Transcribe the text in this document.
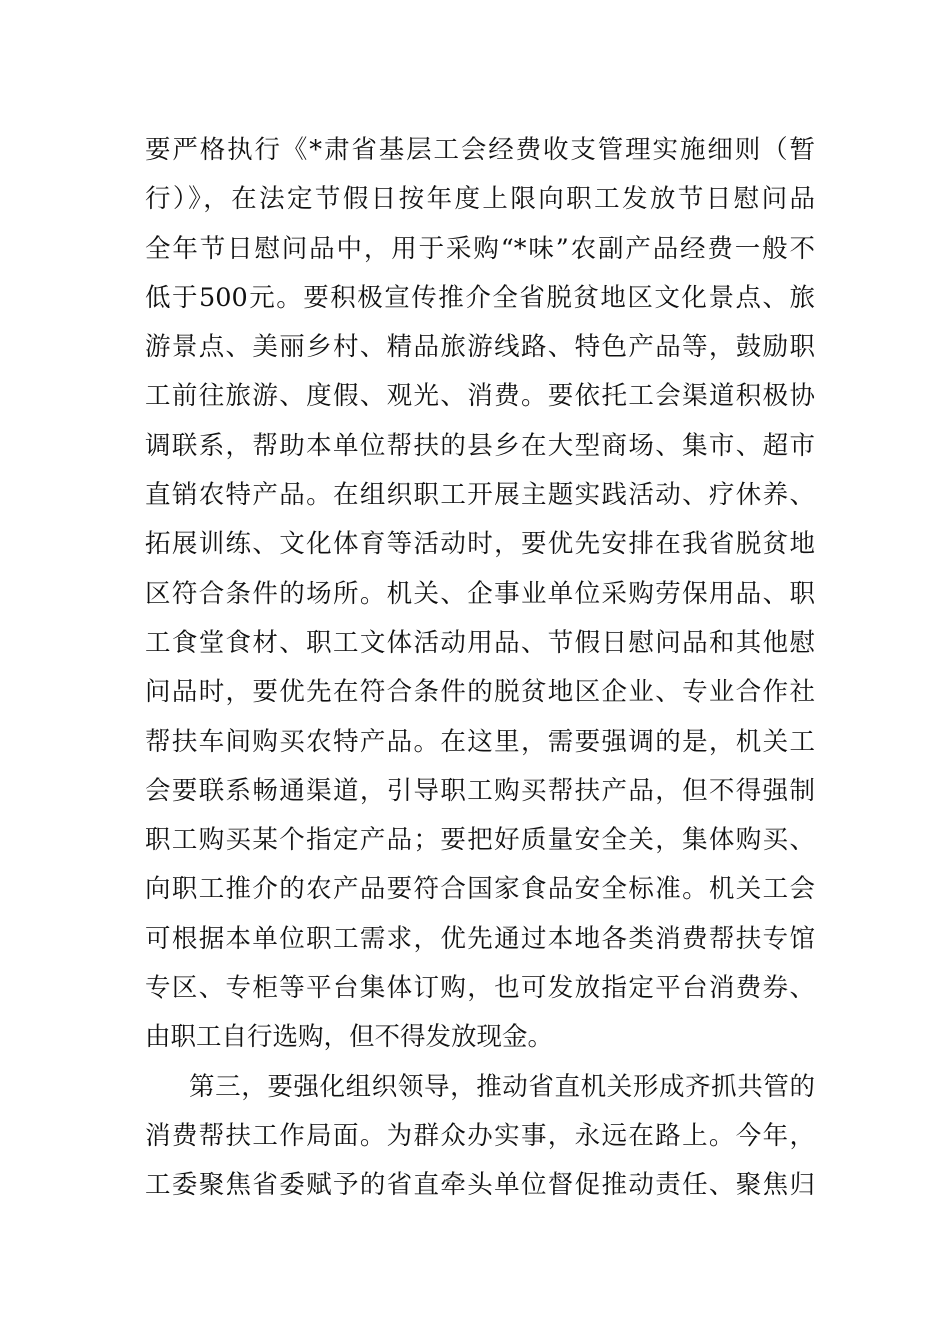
要严格执行《*肃省基层工会经费收支管理实施细则（暂
行）》，在法定节假日按年度上限向职工发放节日慰问品
全年节日慰问品中，用于采购“*味”农副产品经费一般不
低于500元。要积极宣传推介全省脱贫地区文化景点、旅
游景点、美丽乡村、精品旅游线路、特色产品等，鼓励职
工前往旅游、度假、观光、消费。要依托工会渠道积极协
调联系，帮助本单位帮扶的县乡在大型商场、集市、超市
直销农特产品。在组织职工开展主题实践活动、疗休养、
拓展训练、文化体育等活动时，要优先安排在我省脱贫地
区符合条件的场所。机关、企事业单位采购劳保用品、职
工食堂食材、职工文体活动用品、节假日慰问品和其他慰
问品时，要优先在符合条件的脱贫地区企业、专业合作社
帮扶车间购买农特产品。在这里，需要强调的是，机关工
会要联系畅通渠道，引导职工购买帮扶产品，但不得强制
职工购买某个指定产品；要把好质量安全关，集体购买、
向职工推介的农产品要符合国家食品安全标准。机关工会
可根据本单位职工需求，优先通过本地各类消费帮扶专馆
专区、专柜等平台集体订购，也可发放指定平台消费券、
由职工自行选购，但不得发放现金。
第三，要强化组织领导，推动省直机关形成齐抓共管的
消费帮扶工作局面。为群众办实事，永远在路上。今年，
工委聚焦省委赋予的省直牵头单位督促推动责任、聚焦归
